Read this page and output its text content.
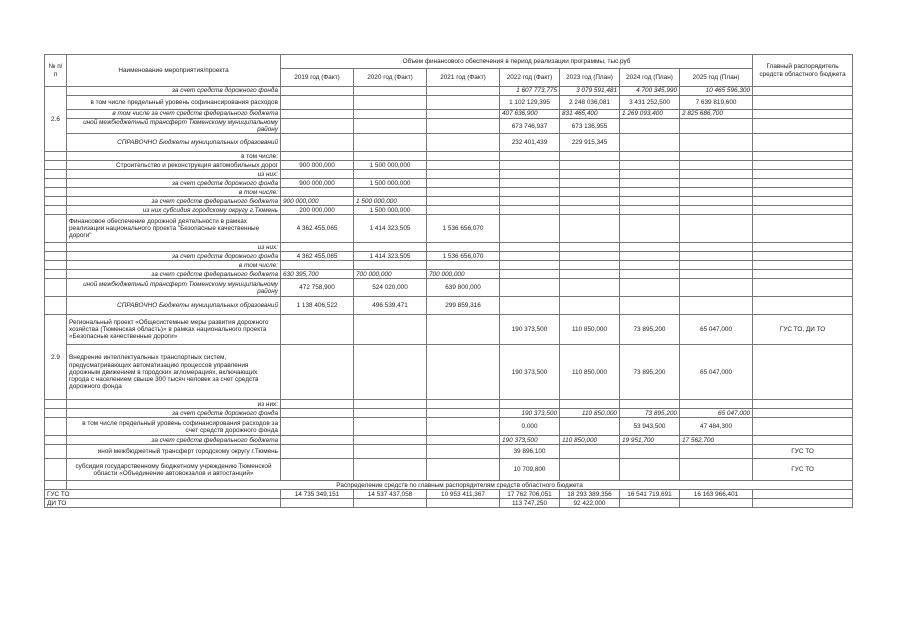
№ п/п	Наименование мероприятия/проекта	Объем финансового обеспечения в период реализации программы, тыс.руб							Главный распорядитель средств областного бюджета
		2019 год (Факт)	2020 год (Факт)	2021 год (Факт)	2022 год (Факт)	2023 год (План)	2024 год (План)	2025 год (План)	
2.6	за счет средств дорожного фонда				1 607 773,775	3 079 591,481	4 700 345,990	10 465 596,300	
	в том числе предельный уровень софинансирования расходов				1 102 129,395	2 248 036,081	3 431 252,500	7 639 819,600	
	в том числе за счет средств федерального бюджета				407 636,900	831 465,400	1 269 093,400	2 825 686,700	
	иной межбюджетный трансферт Тюменскому муниципальному району				673 746,937	673 136,955			
	СПРАВОЧНО Бюджеты муниципальных образований				232 401,439	229 915,345			
	в том числе:								
	Строительство и реконструкция автомобильных дорог	900 000,000	1 500 000,000						
	из них:								
	за счет средств дорожного фонда	900 000,000	1 500 000,000						
	в том числе:								
	за счет средств федерального бюджета	900 000,000	1 500 000,000						
	из них субсидия городскому округу г.Тюмень	200 000,000	1 500 000,000						
	Финансовое обеспечение дорожной деятельности в рамках реализации национального проекта "Безопасные качественные дороги"	4 362 455,065	1 414 323,505	1 536 656,070					
	из них:								
	за счет средств дорожного фонда	4 362 455,065	1 414 323,505	1 536 656,070					
	в том числе:								
	за счет средств федерального бюджета	630 395,700	700 000,000	700 000,000					
	иной межбюджетный трансферт Тюменскому муниципальному району	472 758,900	524 020,000	639 800,000					
	СПРАВОЧНО Бюджеты муниципальных образований	1 138 406,522	496 539,471	299 859,316					
2.9	Региональный проект «Общесистемные меры развития дорожного хозяйства (Тюменская область)» в рамках национального проекта «Безопасные качественные дороги»				190 373,500	110 850,000	73 895,200	65 047,000	ГУС ТО, ДИ ТО
	Внедрение интеллектуальных транспортных систем, предусматривающих автоматизацию процессов управления дорожным движением в городских агломерациях, включающих города с населением свыше 300 тысяч человек за счет средств дорожного фонда				190 373,500	110 850,000	73 895,200	65 047,000	
	из них:								
	за счет средств дорожного фонда				190 373,500	110 850,000	73 895,200	65 047,000	
	в том числе предельный уровень софинансирования расходов за счет средств дорожного фонда				0,000		53 943,500	47 484,300	
	за счет средств федерального бюджета				190 373,500	110 850,000	19 951,700	17 562,700	
	иной межбюджетный трансферт городскому округу г.Тюмень				39 896,100				ГУС ТО
	субсидия государственному бюджетному учреждению Тюменской области «Объединение автовокзалов и автостанций»				10 709,800				ГУС ТО
	Распределение средств по главным распорядителям средств областного бюджета								
ГУС ТО		14 735 349,151	14 537 437,058	10 953 411,367	17 762 706,051	18 293 389,356	16 541 719,691	16 163 966,401	
ДИ ТО					113 747,250	92 422,000			
